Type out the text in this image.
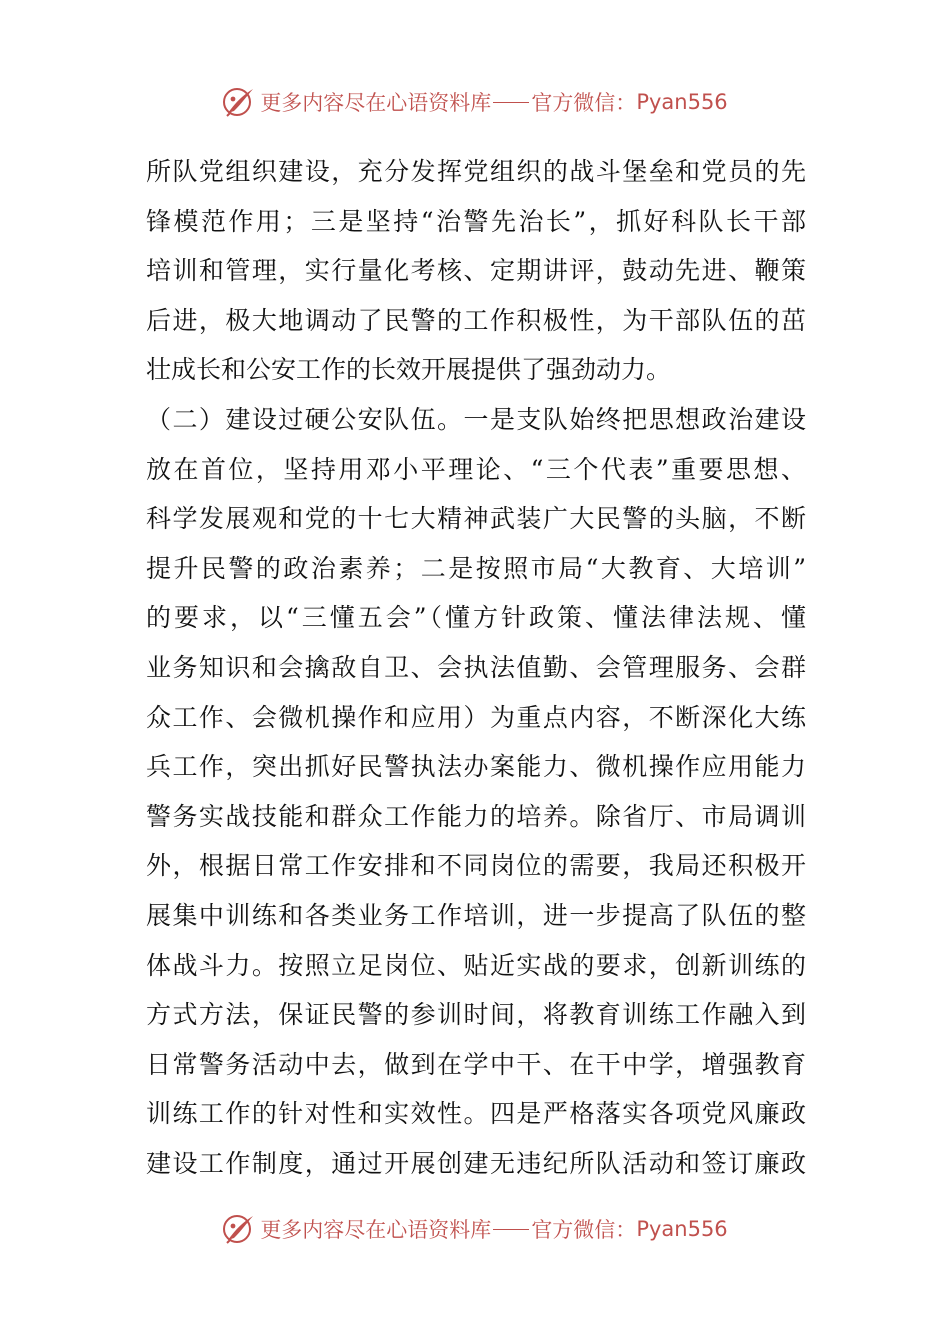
更多内容尽在心语资料库 官方微信： Pyan556
所队党组织建设，充分发挥党组织的战斗堡垒和党员的先
锋模范作用；三是坚持“治警先治长”，抓好科队长干部
培训和管理，实行量化考核、定期讲评，鼓动先进、鞭策
后进，极大地调动了民警的工作积极性，为干部队伍的茁
壮成长和公安工作的长效开展提供了强劲动力。
（二）建设过硬公安队伍。一是支队始终把思想政治建设
放在首位，坚持用邓小平理论、“三个代表”重要思想、
科学发展观和党的十七大精神武装广大民警的头脑，不断
提升民警的政治素养；二是按照市局“大教育、大培训”
的要求，以“三懂五会”（懂方针政策、懂法律法规、懂
业务知识和会擒敌自卫、会执法值勤、会管理服务、会群
众工作、会微机操作和应用）为重点内容，不断深化大练
兵工作，突出抓好民警执法办案能力、微机操作应用能力
警务实战技能和群众工作能力的培养。除省厅、市局调训
外，根据日常工作安排和不同岗位的需要，我局还积极开
展集中训练和各类业务工作培训，进一步提高了队伍的整
体战斗力。按照立足岗位、贴近实战的要求，创新训练的
方式方法，保证民警的参训时间，将教育训练工作融入到
日常警务活动中去，做到在学中干、在干中学，增强教育
训练工作的针对性和实效性。四是严格落实各项党风廉政
建设工作制度，通过开展创建无违纪所队活动和签订廉政
更多内容尽在心语资料库 官方微信： Pyan556
